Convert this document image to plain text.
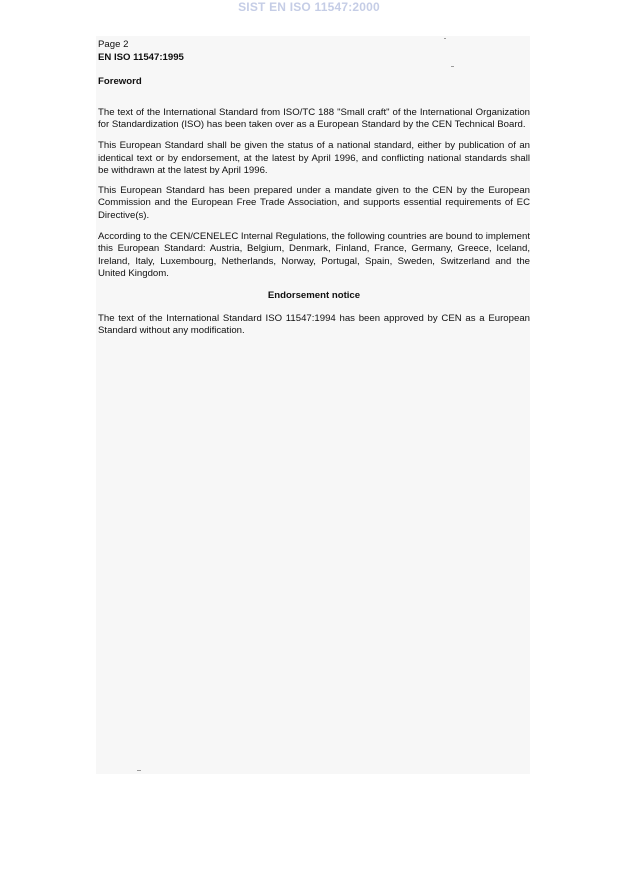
SIST EN ISO 11547:2000

Page 2

EN ISO 11547:1995

Foreword

The text of the International Standard from ISO/TC 188 "Small craft" of the International Organization for Standardization (ISO) has been taken over as a European Standard by the CEN Technical Board.

This European Standard shall be given the status of a national standard, either by publication of an identical text or by endorsement, at the latest by April 1996, and conflicting national standards shall be withdrawn at the latest by April 1996.

This European Standard has been prepared under a mandate given to the CEN by the European Commission and the European Free Trade Association, and supports essential requirements of EC Directive(s).

According to the CEN/CENELEC Internal Regulations, the following countries are bound to implement this European Standard: Austria, Belgium, Denmark, Finland, France, Germany, Greece, Iceland, Ireland, Italy, Luxembourg, Netherlands, Norway, Portugal, Spain, Sweden, Switzerland and the United Kingdom.

Endorsement notice

The text of the International Standard ISO 11547:1994 has been approved by CEN as a European Standard without any modification.
